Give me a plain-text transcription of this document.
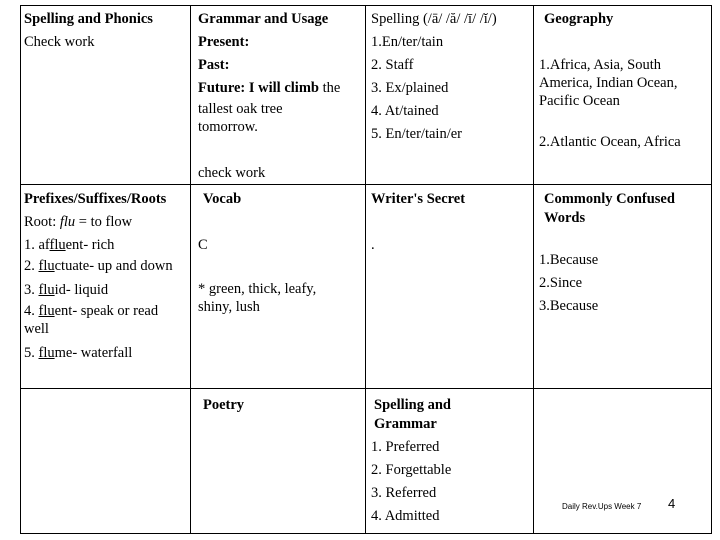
Spelling and Phonics
Check work
Grammar and Usage
Present:
Past:
Future: I will climb the
tallest oak tree tomorrow.
check work
Spelling (/ā/ /ă/ /ī/ /ĭ/)
1.En/ter/tain
2. Staff
3. Ex/plained
4. At/tained
5. En/ter/tain/er
Geography
1.Africa, Asia, South America, Indian Ocean, Pacific Ocean
2.Atlantic Ocean, Africa
Prefixes/Suffixes/Roots
Root: flu = to flow
1. affluent- rich
2. fluctuate- up and down
3. fluid- liquid
4. fluent- speak or read well
5. flume- waterfall
Vocab
C
* green, thick, leafy, shiny, lush
Writer's Secret
.
Commonly Confused Words
1.Because
2.Since
3.Because
Poetry	Spelling and Grammar
1. Preferred
2. Forgettable
3. Referred
4. Admitted
Daily Rev.Ups Week 7 4
